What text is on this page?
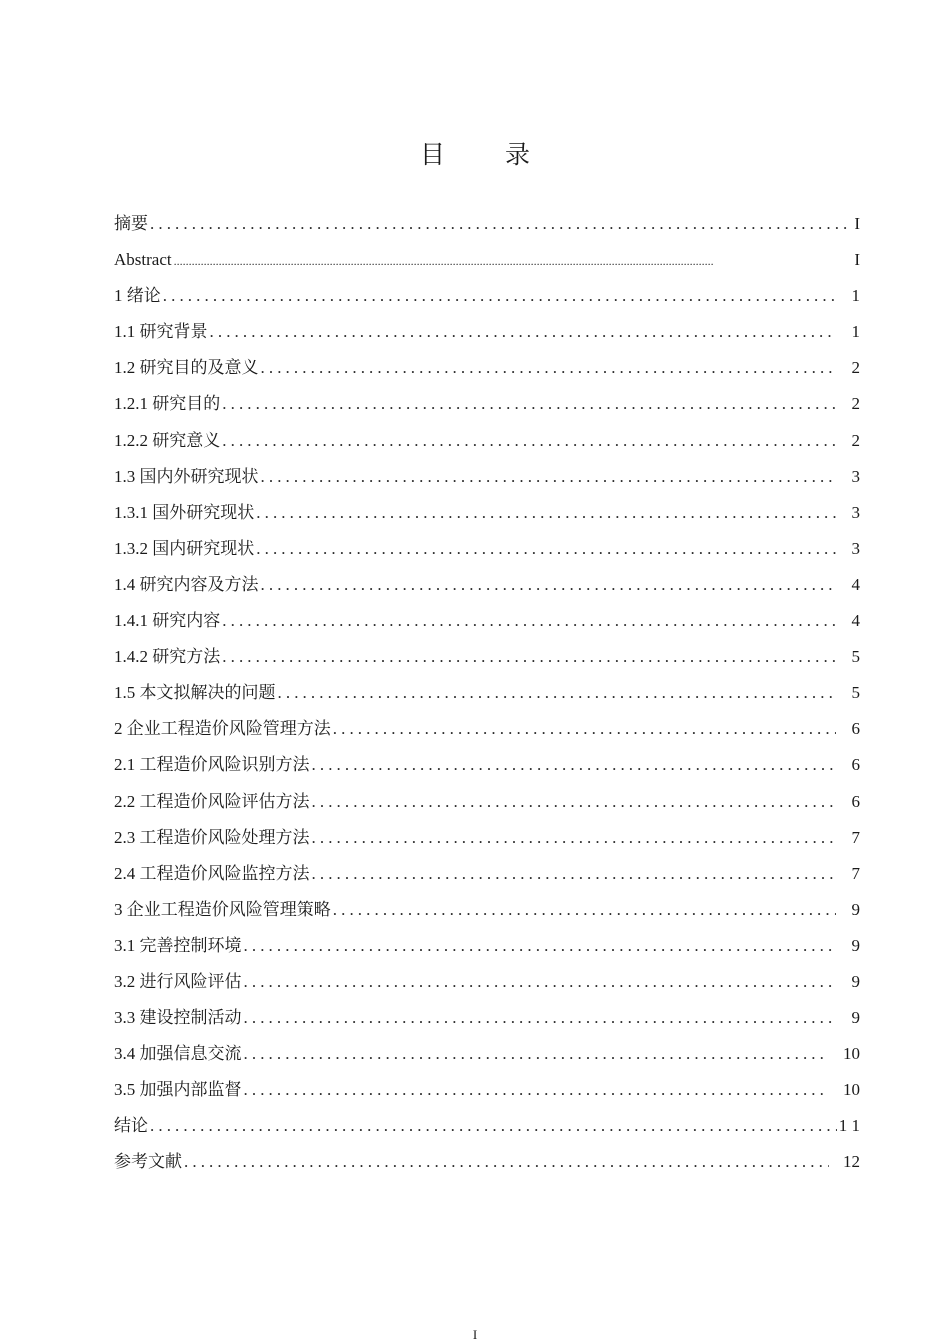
目 录
摘要 .....	I
Abstract .....	I
1 绪论 .....	1
1.1 研究背景 .....	1
1.2 研究目的及意义 .....	2
1.2.1 研究目的 .....	2
1.2.2 研究意义 .....	2
1.3 国内外研究现状 .....	3
1.3.1 国外研究现状 .....	3
1.3.2 国内研究现状 .....	3
1.4 研究内容及方法 .....	4
1.4.1 研究内容 .....	4
1.4.2 研究方法 .....	5
1.5 本文拟解决的问题 .....	5
2 企业工程造价风险管理方法 .....	6
2.1 工程造价风险识别方法 .....	6
2.2 工程造价风险评估方法 .....	6
2.3 工程造价风险处理方法 .....	7
2.4 工程造价风险监控方法 .....	7
3 企业工程造价风险管理策略 .....	9
3.1 完善控制环境 .....	9
3.2 进行风险评估 .....	9
3.3 建设控制活动 .....	9
3.4 加强信息交流 .....	10
3.5 加强内部监督 .....	10
结论 .....	1 1
参考文献 .....	12
I
